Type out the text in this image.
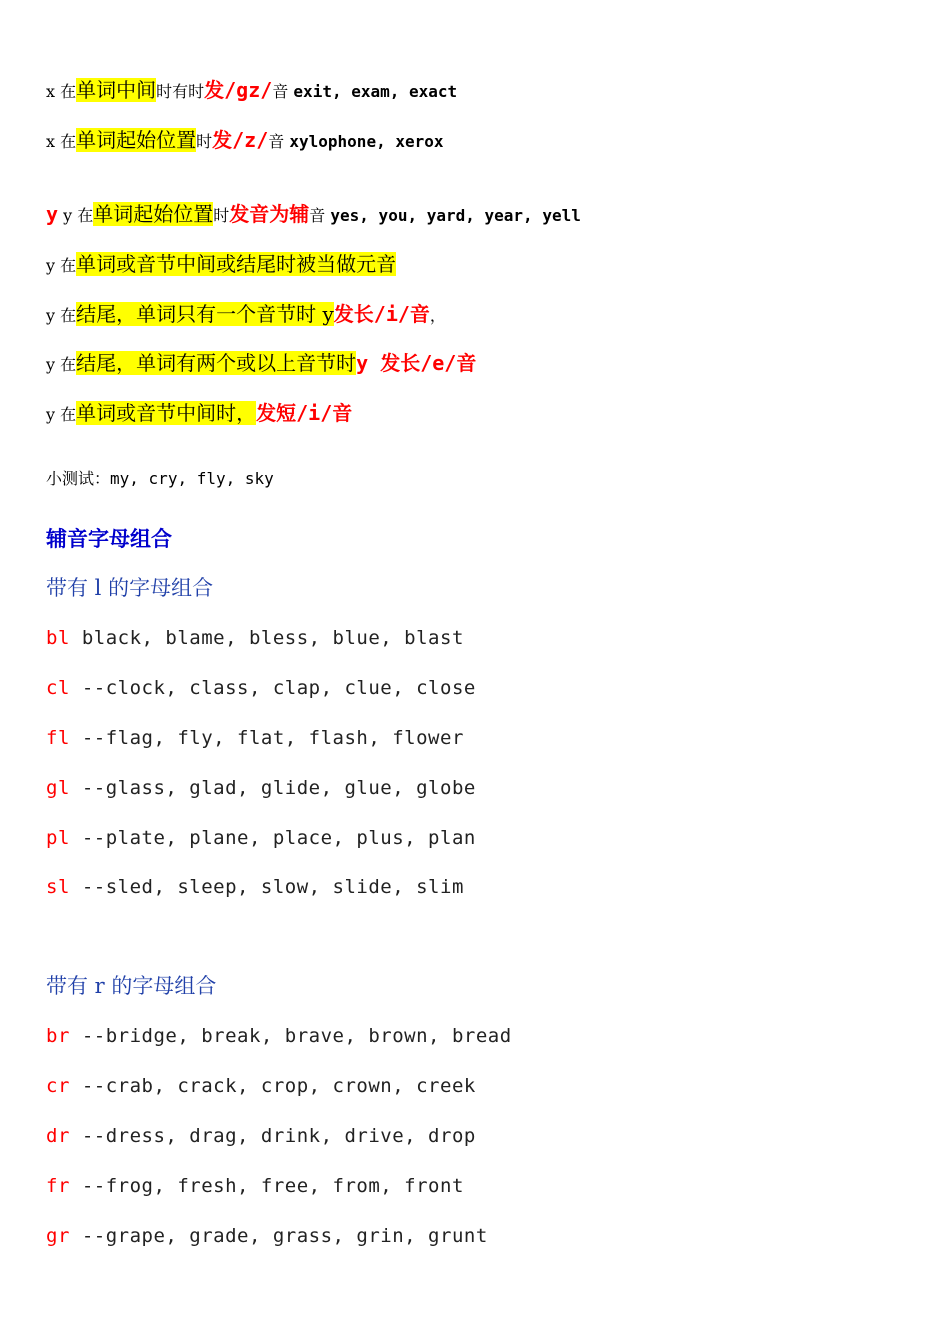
x 在单词中间时有时发/gz/音 exit, exam, exact
x 在单词起始位置时发/z/音 xylophone, xerox
y y 在单词起始位置时发音为辅音 yes, you, yard, year, yell
y 在单词或音节中间或结尾时被当做元音
y 在结尾，单词只有一个音节时 y发长/i/音，
y 在结尾，单词有两个或以上音节时y 发长/e/音
y 在单词或音节中间时，发短/i/音
小测试：my, cry, fly, sky
辅音字母组合
带有 l 的字母组合
bl black, blame, bless, blue, blast
cl --clock, class, clap, clue, close
fl --flag, fly, flat, flash, flower
gl --glass, glad, glide, glue, globe
pl --plate, plane, place, plus, plan
sl --sled, sleep, slow, slide, slim
带有 r 的字母组合
br --bridge, break, brave, brown, bread
cr --crab, crack, crop, crown, creek
dr --dress, drag, drink, drive, drop
fr --frog, fresh, free, from, front
gr --grape, grade, grass, grin, grunt
